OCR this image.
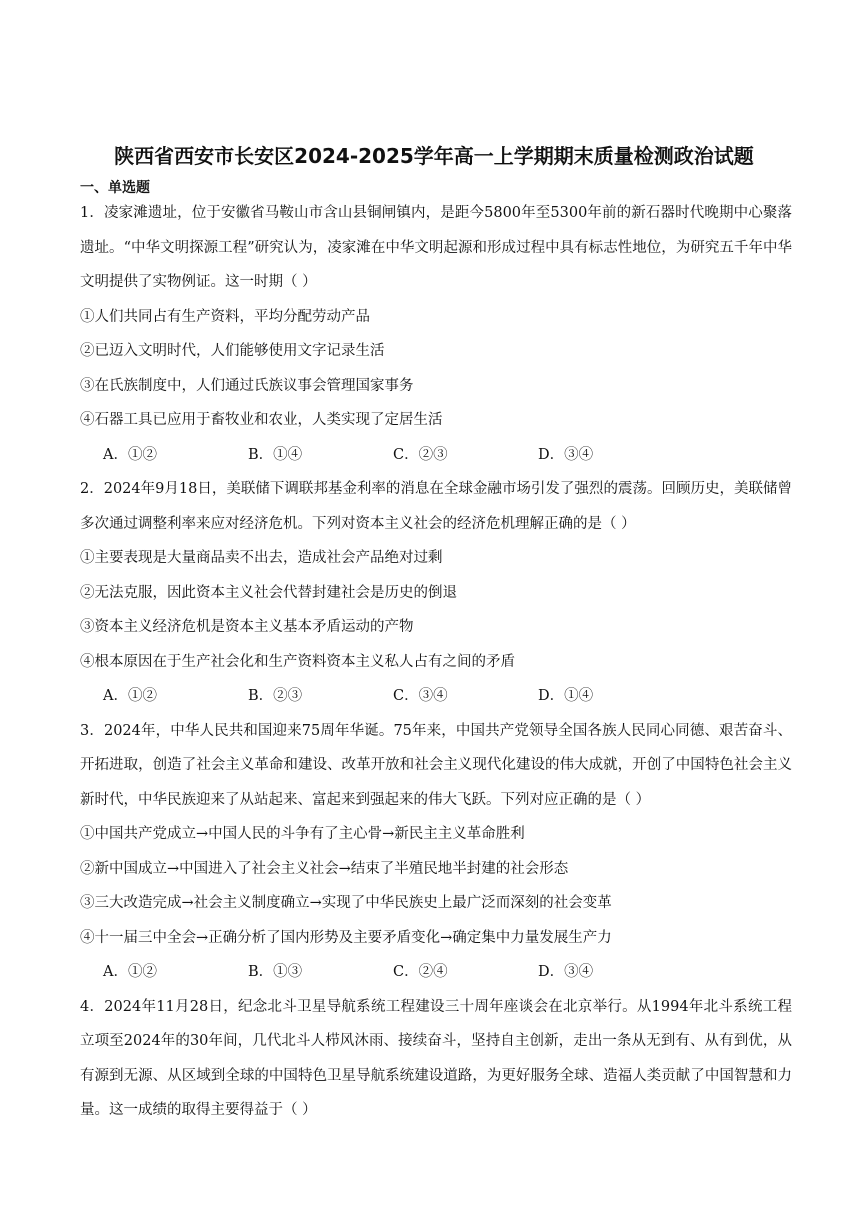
陕西省西安市长安区2024-2025学年高一上学期期末质量检测政治试题
一、单选题

1．凌家滩遗址，位于安徽省马鞍山市含山县铜闸镇内，是距今5800年至5300年前的新石器时代晚期中心聚落遗址。“中华文明探源工程”研究认为，凌家滩在中华文明起源和形成过程中具有标志性地位，为研究五千年中华文明提供了实物例证。这一时期（ ）

①人们共同占有生产资料，平均分配劳动产品

②已迈入文明时代，人们能够使用文字记录生活

③在氏族制度中，人们通过氏族议事会管理国家事务

④石器工具已应用于畜牧业和农业，人类实现了定居生活

A．①②	B．①④	C．②③	D．③④

2．2024年9月18日，美联储下调联邦基金利率的消息在全球金融市场引发了强烈的震荡。回顾历史，美联储曾多次通过调整利率来应对经济危机。下列对资本主义社会的经济危机理解正确的是（ ）

①主要表现是大量商品卖不出去，造成社会产品绝对过剩

②无法克服，因此资本主义社会代替封建社会是历史的倒退

③资本主义经济危机是资本主义基本矛盾运动的产物

④根本原因在于生产社会化和生产资料资本主义私人占有之间的矛盾

A．①②	B．②③	C．③④	D．①④

3．2024年，中华人民共和国迎来75周年华诞。75年来，中国共产党领导全国各族人民同心同德、艰苦奋斗、开拓进取，创造了社会主义革命和建设、改革开放和社会主义现代化建设的伟大成就，开创了中国特色社会主义新时代，中华民族迎来了从站起来、富起来到强起来的伟大飞跃。下列对应正确的是（ ）

①中国共产党成立→中国人民的斗争有了主心骨→新民主主义革命胜利

②新中国成立→中国进入了社会主义社会→结束了半殖民地半封建的社会形态

③三大改造完成→社会主义制度确立→实现了中华民族史上最广泛而深刻的社会变革

④十一届三中全会→正确分析了国内形势及主要矛盾变化→确定集中力量发展生产力

A．①②	B．①③	C．②④	D．③④

4．2024年11月28日，纪念北斗卫星导航系统工程建设三十周年座谈会在北京举行。从1994年北斗系统工程立项至2024年的30年间，几代北斗人栉风沐雨、接续奋斗，坚持自主创新，走出一条从无到有、从有到优，从有源到无源、从区域到全球的中国特色卫星导航系统建设道路，为更好服务全球、造福人类贡献了中国智慧和力量。这一成绩的取得主要得益于（ ）
